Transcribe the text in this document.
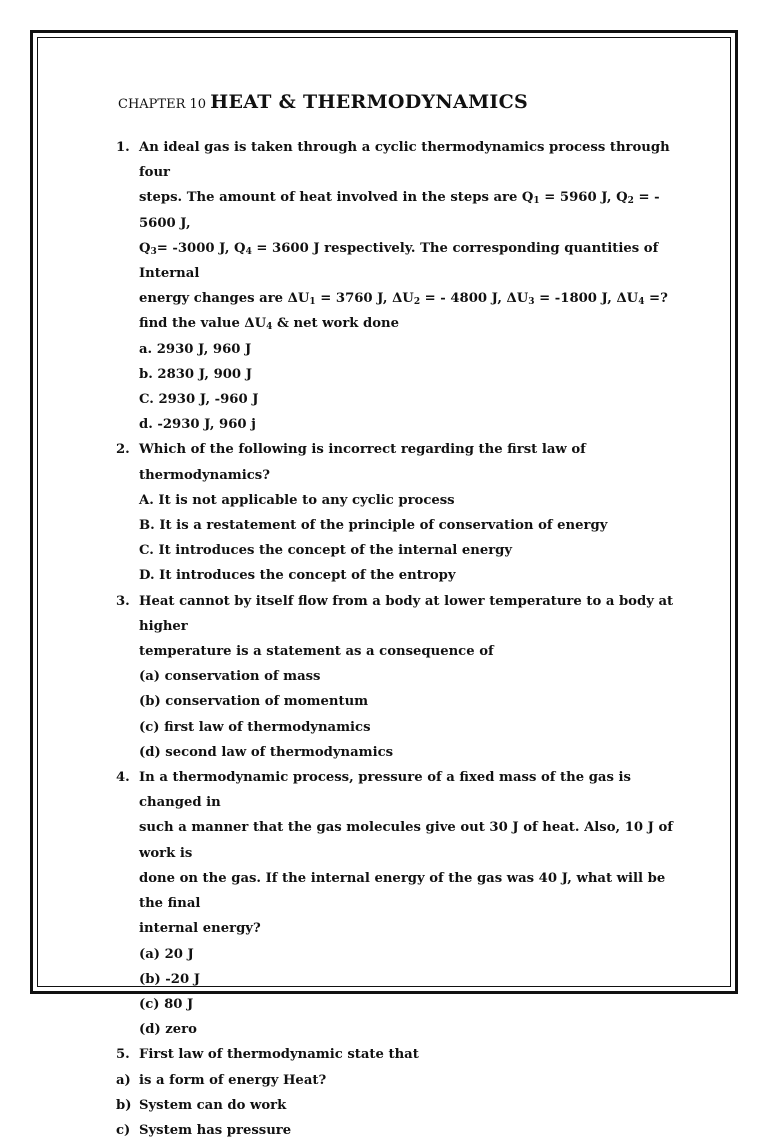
CHAPTER 10 HEAT & THERMODYNAMICS
1. An ideal gas is taken through a cyclic thermodynamics process through four
steps. The amount of heat involved in the steps are $Q_1 = 5960$ J, $Q_2$ = - 5600 J,
$Q_3= -3000$ J, $Q_4 = 3600$ J respectively. The corresponding quantities of Internal
energy changes are $\Delta U_1 = 3760$ J, $\Delta U_2$ = - 4800 J, $\Delta U_3 = -1800$ J, $\Delta U_4$ =?
find the value $\Delta U_4$ & net work done
a. 2930 J, 960 J
b. 2830 J, 900 J
C. 2930 J, -960 J
d. -2930 J, 960 j
2. Which of the following is incorrect regarding the first law of thermodynamics?
A. It is not applicable to any cyclic process
B. It is a restatement of the principle of conservation of energy
C. It introduces the concept of the internal energy
D. It introduces the concept of the entropy
3. Heat cannot by itself flow from a body at lower temperature to a body at higher
temperature is a statement as a consequence of
(a) conservation of mass
(b) conservation of momentum
(c) first law of thermodynamics
(d) second law of thermodynamics
4. In a thermodynamic process, pressure of a fixed mass of the gas is changed in
such a manner that the gas molecules give out 30 J of heat. Also, 10 J of work is
done on the gas. If the internal energy of the gas was 40 J, what will be the final
internal energy?
(a) 20 J
(b) -20 J
(c) 80 J
(d) zero
5. First law of thermodynamic state that
a) is a form of energy Heat?
b) System can do work
c) System has pressure
